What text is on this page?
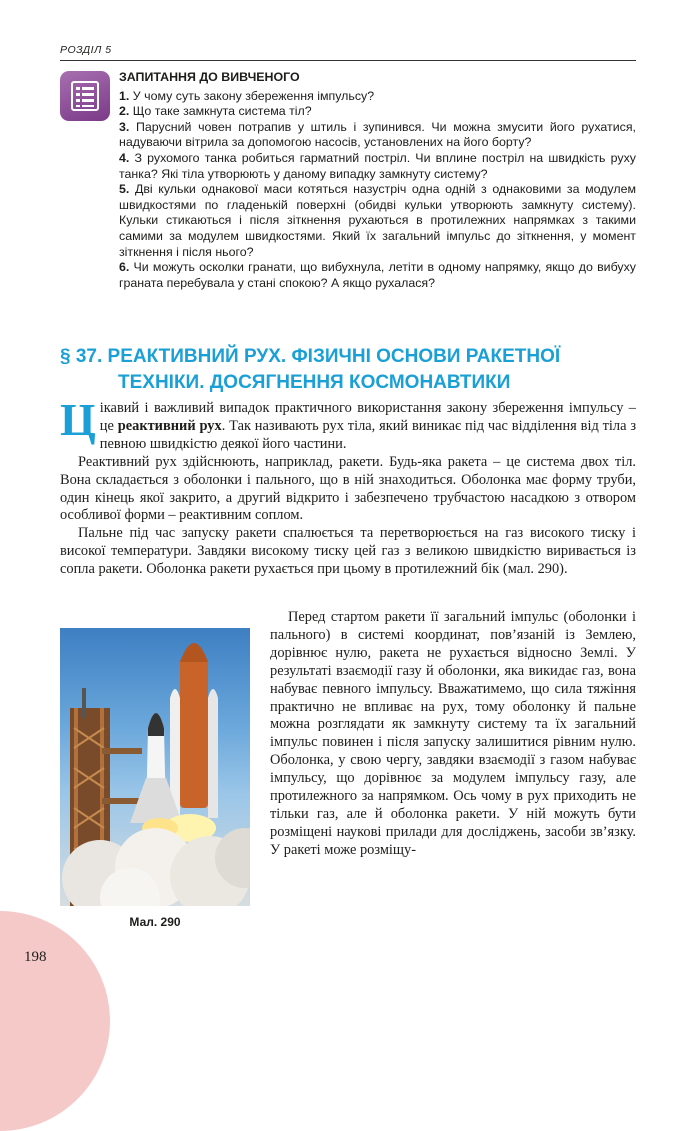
РОЗДІЛ 5
ЗАПИТАННЯ ДО ВИВЧЕНОГО
1. У чому суть закону збереження імпульсу?
2. Що таке замкнута система тіл?
3. Парусний човен потрапив у штиль і зупинився. Чи можна змусити його рухатися, надуваючи вітрила за допомогою насосів, установлених на його борту?
4. З рухомого танка робиться гарматний постріл. Чи вплине постріл на швидкість руху танка? Які тіла утворюють у даному випадку замкнуту систему?
5. Дві кульки однакової маси котяться назустріч одна одній з однаковими за модулем швидкостями по гладенькій поверхні (обидві кульки утворюють замкнуту систему). Кульки стикаються і після зіткнення рухаються в протилежних напрямках з такими самими за модулем швидкостями. Який їх загальний імпульс до зіткнення, у момент зіткнення і після нього?
6. Чи можуть осколки гранати, що вибухнула, летіти в одному напрямку, якщо до вибуху граната перебувала у стані спокою? А якщо рухалася?
§ 37. РЕАКТИВНИЙ РУХ. ФІЗИЧНІ ОСНОВИ РАКЕТНОЇ
ТЕХНІКИ. ДОСЯГНЕННЯ КОСМОНАВТИКИ
Цікавий і важливий випадок практичного використання закону збереження імпульсу – це реактивний рух. Так називають рух тіла, який виникає під час відділення від тіла з певною швидкістю деякої його частини.
Реактивний рух здійснюють, наприклад, ракети. Будь-яка ракета – це система двох тіл. Вона складається з оболонки і пального, що в ній знаходиться. Оболонка має форму труби, один кінець якої закрито, а другий відкрито і забезпечено трубчастою насадкою з отвором особливої форми – реактивним соплом.
Пальне під час запуску ракети спалюється та перетворюється на газ високого тиску і високої температури. Завдяки високому тиску цей газ з великою швидкістю виривається із сопла ракети. Оболонка ракети рухається при цьому в протилежний бік (мал. 290).
Мал. 290
Перед стартом ракети її загальний імпульс (оболонки і пального) в системі координат, пов’язаній із Землею, дорівнює нулю, ракета не рухається відносно Землі. У результаті взаємодії газу й оболонки, яка викидає газ, вона набуває певного імпульсу. Вважатимемо, що сила тяжіння практично не впливає на рух, тому оболонку й пальне можна розглядати як замкнуту систему та їх загальний імпульс повинен і після запуску залишитися рівним нулю. Оболонка, у свою чергу, завдяки взаємодії з газом набуває імпульсу, що дорівнює за модулем імпульсу газу, але протилежного за напрямком. Ось чому в рух приходить не тільки газ, але й оболонка ракети. У ній можуть бути розміщені наукові прилади для досліджень, засоби зв’язку. У ракеті може розміщу-
198
